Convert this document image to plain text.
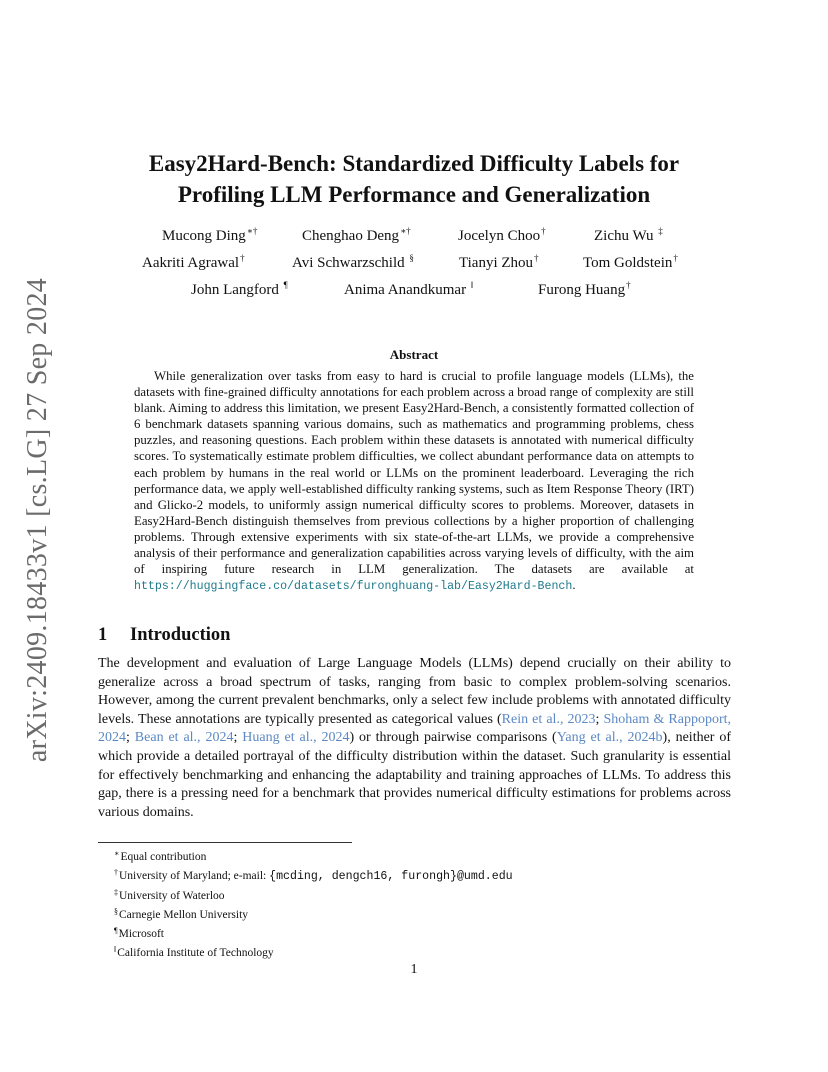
arXiv:2409.18433v1 [cs.LG] 27 Sep 2024
Easy2Hard-Bench: Standardized Difficulty Labels for
Profiling LLM Performance and Generalization
Mucong Ding∗†	Chenghao Deng∗†	Jocelyn Choo†	Zichu Wu ‡
Aakriti Agrawal†	Avi Schwarzschild §	Tianyi Zhou†	Tom Goldstein†
John Langford ¶	Anima Anandkumar ‖	Furong Huang†
Abstract

While generalization over tasks from easy to hard is crucial to profile language models (LLMs), the datasets with fine-grained difficulty annotations for each problem across a broad range of complexity are still blank. Aiming to address this limitation, we present Easy2Hard-Bench, a consistently formatted collection of 6 benchmark datasets spanning various domains, such as mathematics and programming problems, chess puzzles, and reasoning questions. Each problem within these datasets is annotated with numerical difficulty scores. To systematically estimate problem difficulties, we collect abundant performance data on attempts to each problem by humans in the real world or LLMs on the prominent leaderboard. Leveraging the rich performance data, we apply well-established difficulty ranking systems, such as Item Response Theory (IRT) and Glicko-2 models, to uniformly assign numerical difficulty scores to problems. Moreover, datasets in Easy2Hard-Bench distinguish themselves from previous collections by a higher proportion of challenging problems. Through extensive experiments with six state-of-the-art LLMs, we provide a comprehensive analysis of their performance and generalization capabilities across varying levels of difficulty, with the aim of inspiring future research in LLM generalization. The datasets are available at https://huggingface.co/datasets/furonghuang-lab/Easy2Hard-Bench.

1 Introduction

The development and evaluation of Large Language Models (LLMs) depend crucially on their ability to generalize across a broad spectrum of tasks, ranging from basic to complex problem-solving scenarios. However, among the current prevalent benchmarks, only a select few include problems with annotated difficulty levels. These annotations are typically presented as categorical values (Rein et al., 2023; Shoham & Rappoport, 2024; Bean et al., 2024; Huang et al., 2024) or through pairwise comparisons (Yang et al., 2024b), neither of which provide a detailed portrayal of the difficulty distribution within the dataset. Such granularity is essential for effectively benchmarking and enhancing the adaptability and training approaches of LLMs. To address this gap, there is a pressing need for a benchmark that provides numerical difficulty estimations for problems across various domains.

∗Equal contribution
†University of Maryland; e-mail: {mcding, dengch16, furongh}@umd.edu
‡University of Waterloo
§Carnegie Mellon University
¶Microsoft
‖California Institute of Technology
1
